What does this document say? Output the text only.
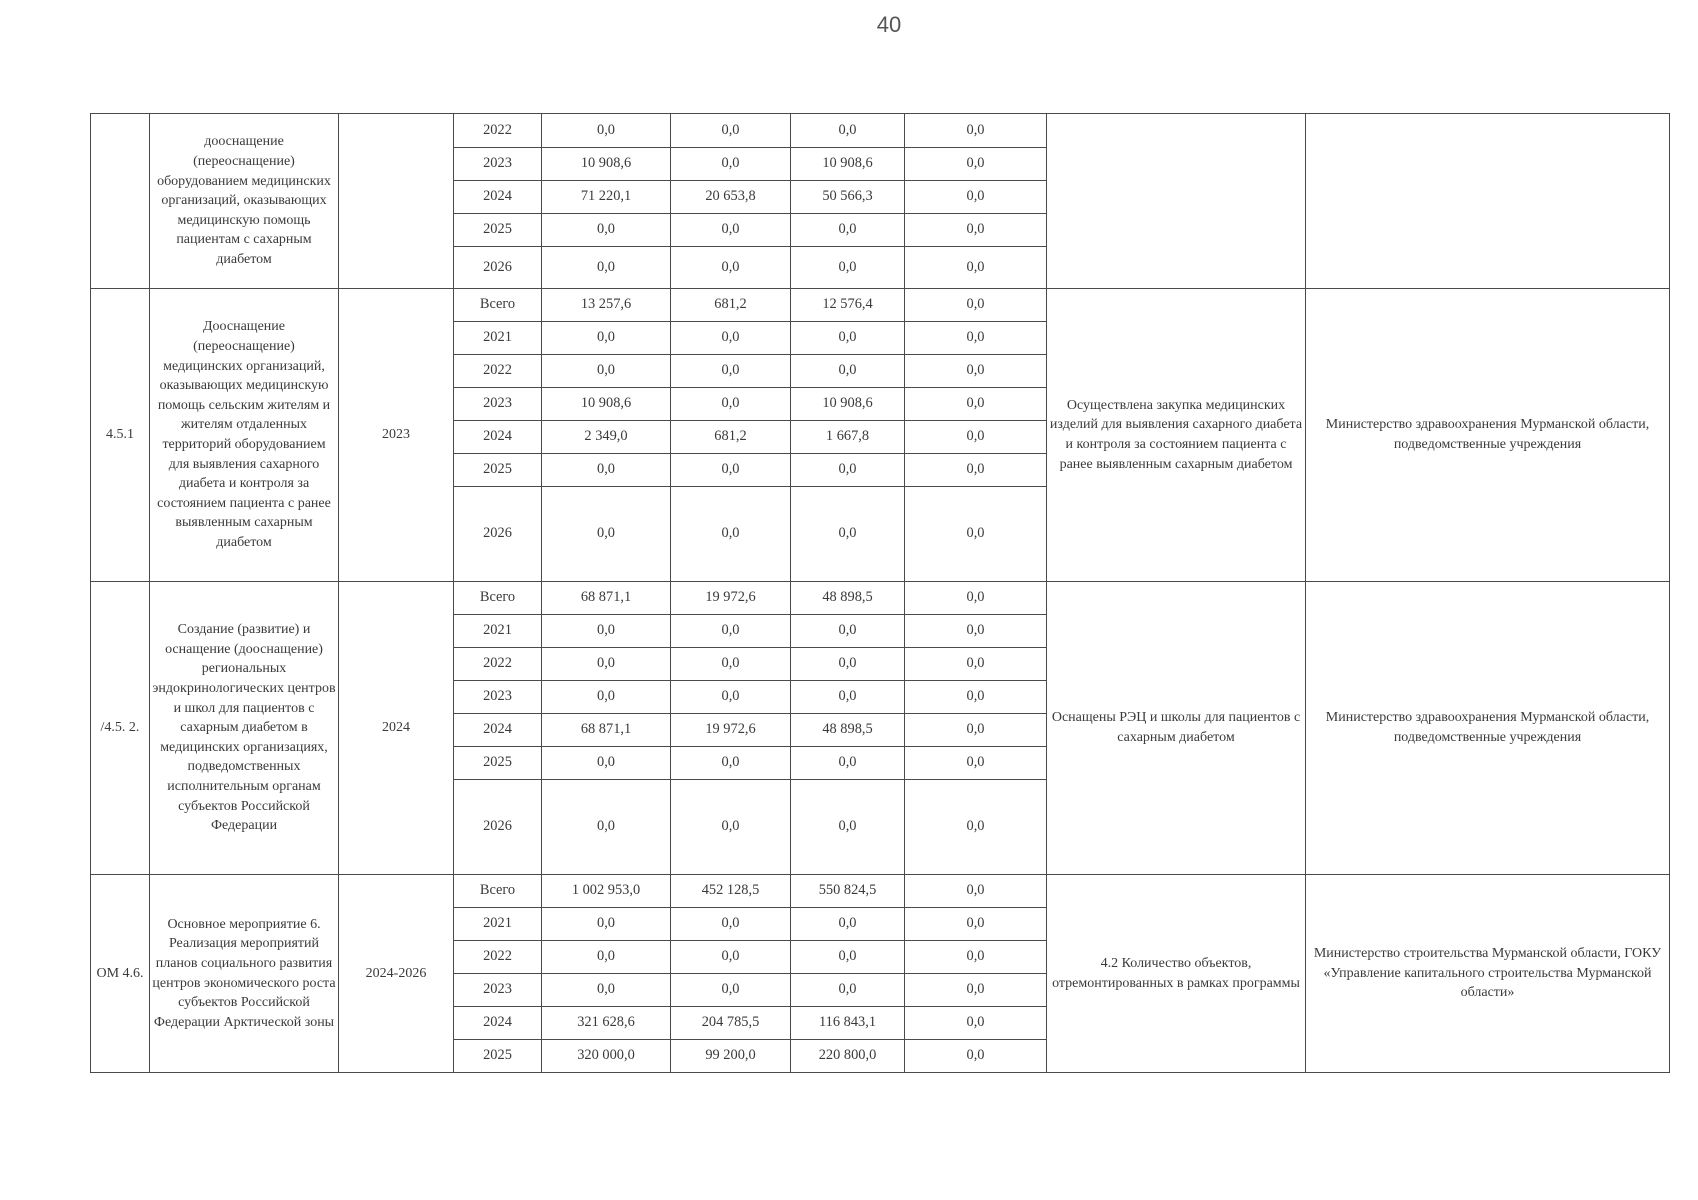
40
	дооснащение (переоснащение) оборудованием медицинских организаций, оказывающих медицинскую помощь пациентам с сахарным диабетом		2022	0,0	0,0	0,0	0,0		
			2023	10 908,6	0,0	10 908,6	0,0		
			2024	71 220,1	20 653,8	50 566,3	0,0		
			2025	0,0	0,0	0,0	0,0		
			2026	0,0	0,0	0,0	0,0		
4.5.1	Дооснащение (переоснащение) медицинских организаций, оказывающих медицинскую помощь сельским жителям и жителям отдаленных территорий оборудованием для выявления сахарного диабета и контроля за состоянием пациента с ранее выявленным сахарным диабетом	2023	Всего	13 257,6	681,2	12 576,4	0,0	Осуществлена закупка медицинских изделий для выявления сахарного диабета и контроля за состоянием пациента с ранее выявленным сахарным диабетом	Министерство здравоохранения Мурманской области, подведомственные учреждения
			2021	0,0	0,0	0,0	0,0		
			2022	0,0	0,0	0,0	0,0		
			2023	10 908,6	0,0	10 908,6	0,0		
			2024	2 349,0	681,2	1 667,8	0,0		
			2025	0,0	0,0	0,0	0,0		
			2026	0,0	0,0	0,0	0,0		
/4.5. 2.	Создание (развитие) и оснащение (дооснащение) региональных эндокринологических центров и школ для пациентов с сахарным диабетом в медицинских организациях, подведомственных исполнительным органам субъектов Российской Федерации	2024	Всего	68 871,1	19 972,6	48 898,5	0,0	Оснащены РЭЦ и школы для пациентов с сахарным диабетом	Министерство здравоохранения Мурманской области, подведомственные учреждения
			2021	0,0	0,0	0,0	0,0		
			2022	0,0	0,0	0,0	0,0		
			2023	0,0	0,0	0,0	0,0		
			2024	68 871,1	19 972,6	48 898,5	0,0		
			2025	0,0	0,0	0,0	0,0		
			2026	0,0	0,0	0,0	0,0		
ОМ 4.6.	Основное мероприятие 6. Реализация мероприятий планов социального развития центров экономического роста субъектов Российской Федерации Арктической зоны	2024-2026	Всего	1 002 953,0	452 128,5	550 824,5	0,0	4.2 Количество объектов, отремонтированных в рамках программы	Министерство строительства Мурманской области, ГОКУ «Управление капитального строительства Мурманской области»
			2021	0,0	0,0	0,0	0,0		
			2022	0,0	0,0	0,0	0,0		
			2023	0,0	0,0	0,0	0,0		
			2024	321 628,6	204 785,5	116 843,1	0,0		
			2025	320 000,0	99 200,0	220 800,0	0,0		
